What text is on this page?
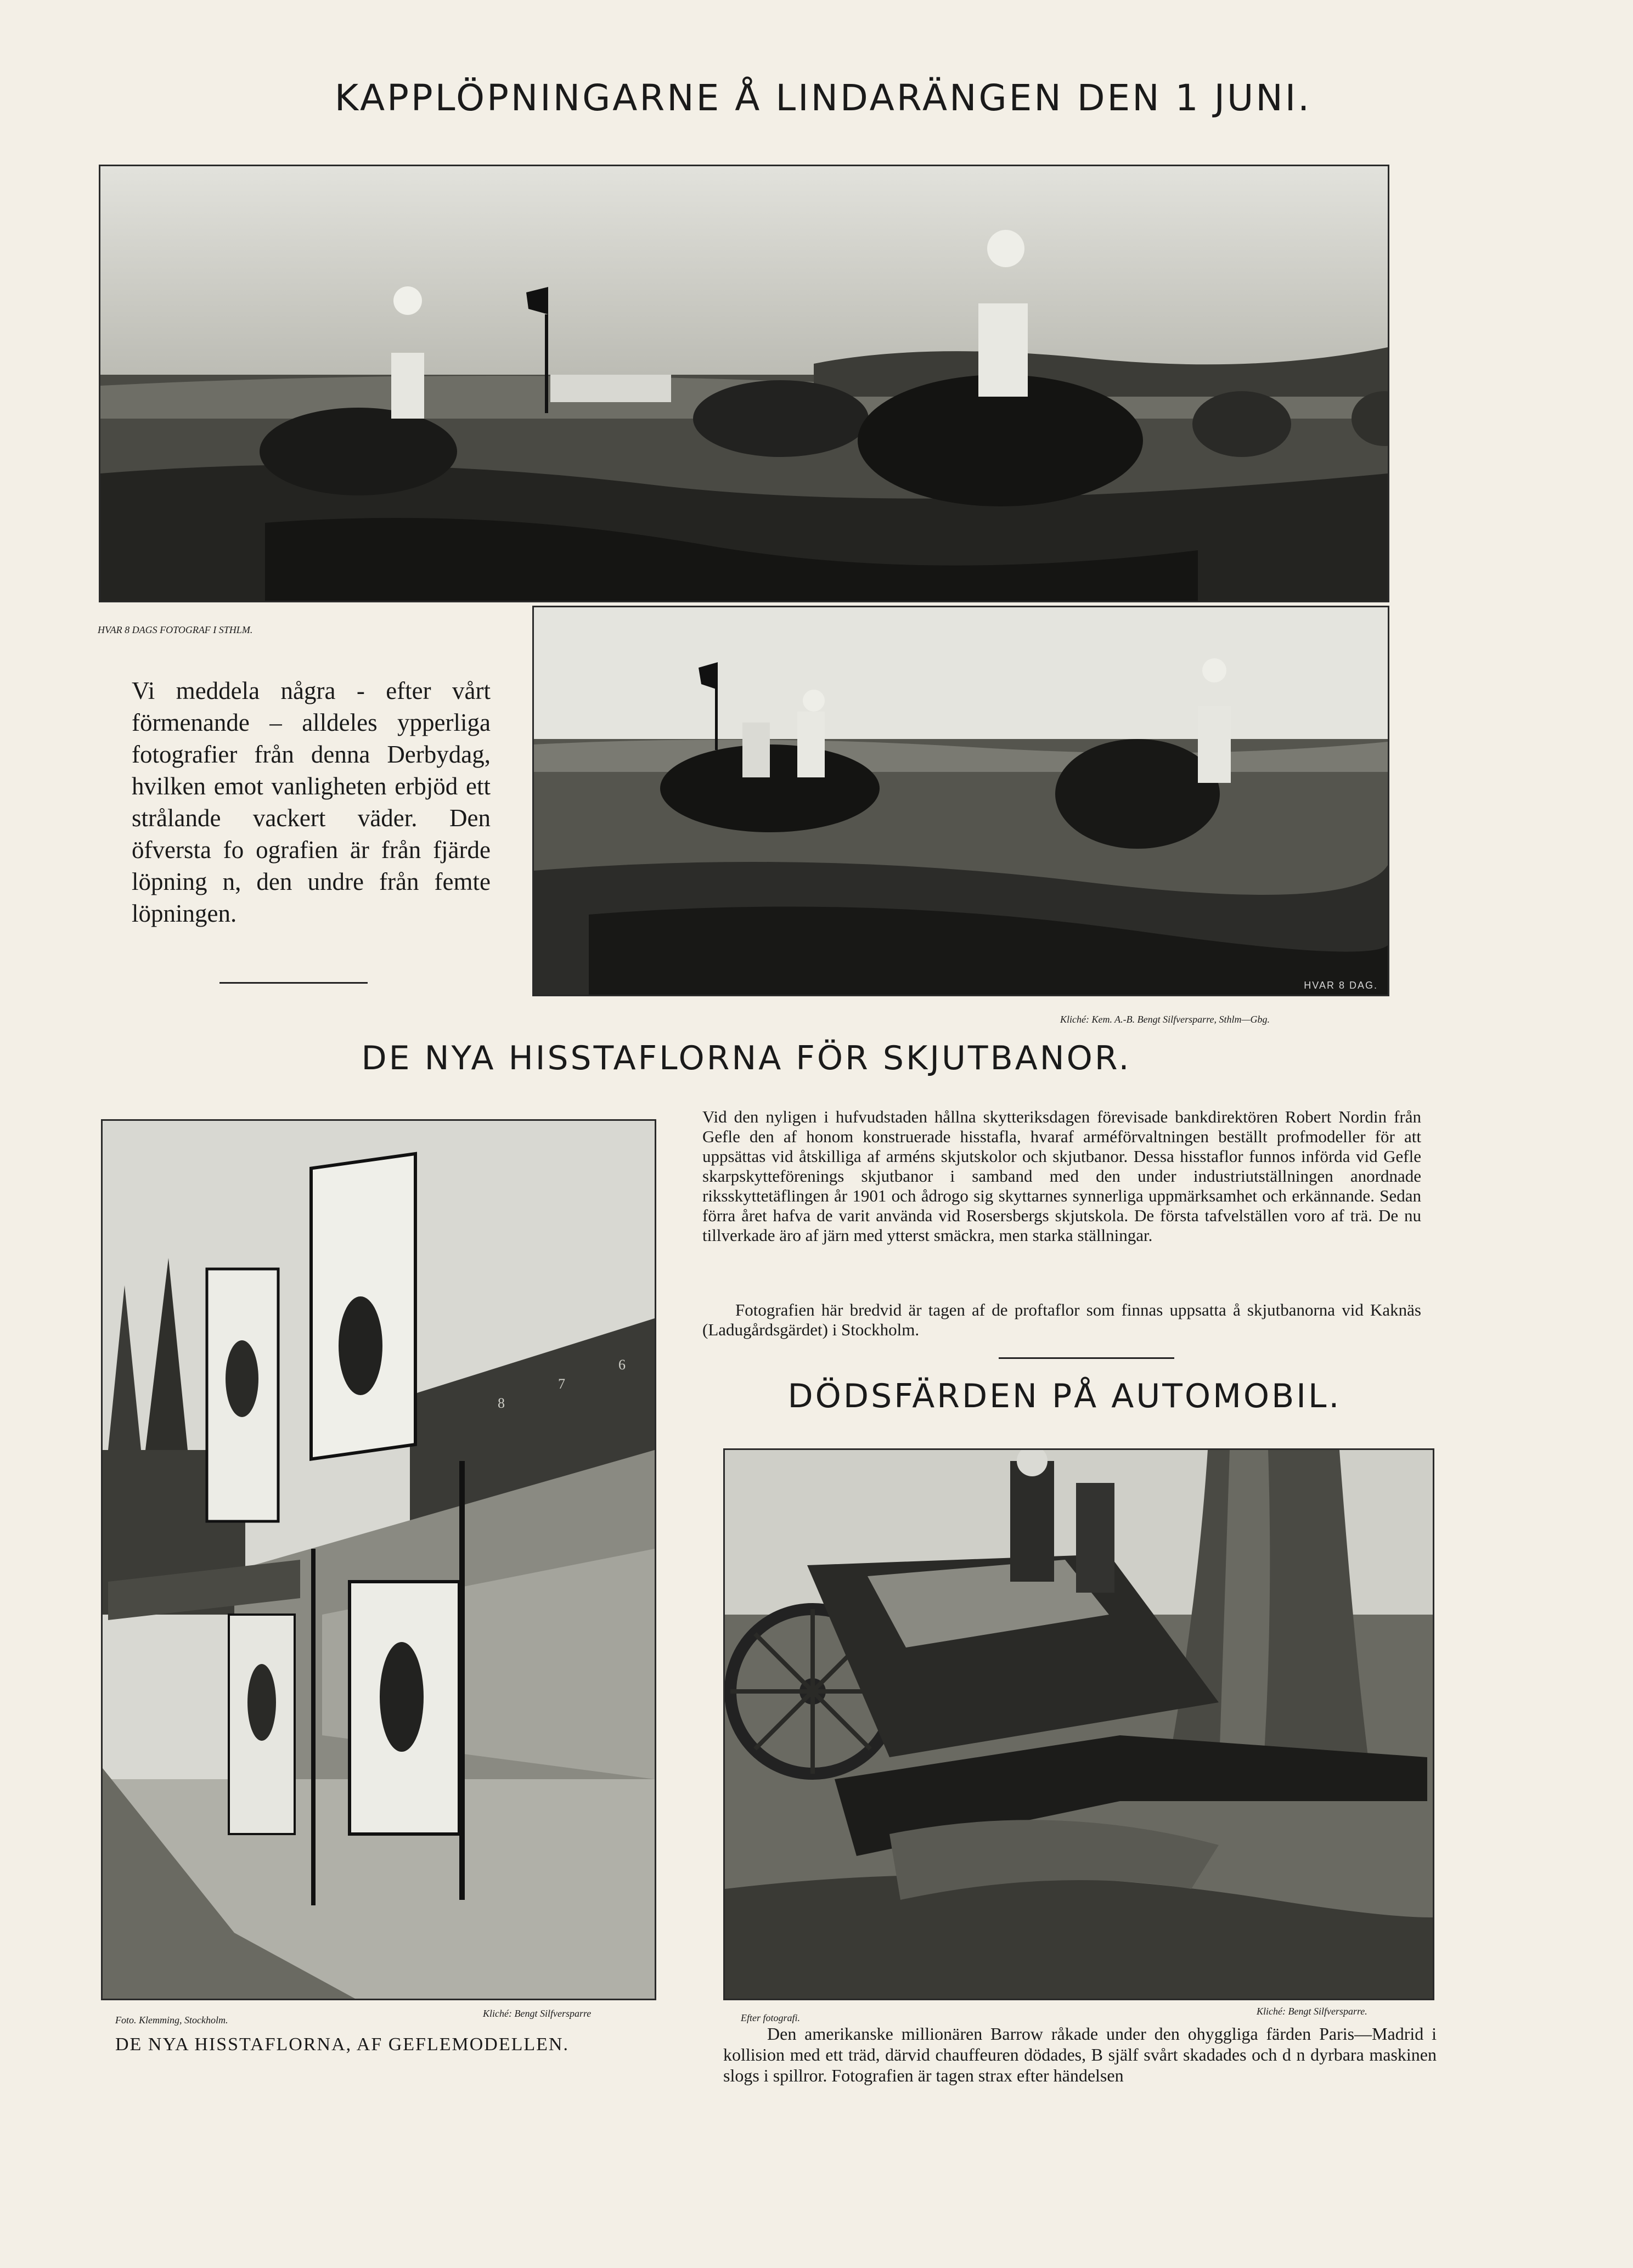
KAPPLÖPNINGARNE Å LINDARÄNGEN DEN 1 JUNI.
HVAR 8 DAGS FOTOGRAF I STHLM.
Vi meddela några - efter vårt förmenande – alldeles ypperliga fotografier från denna Derbydag, hvilken emot vanligheten erbjöd ett strålande vackert väder. Den öfversta fo ografien är från fjärde löpning n, den undre från femte löpningen.
HVAR 8 DAG.
Kliché: Kem. A.-B. Bengt Silfversparre, Sthlm—Gbg.
DE NYA HISSTAFLORNA FÖR SKJUTBANOR.
8
7
6
Foto. Klemming, Stockholm.
Kliché: Bengt Silfversparre
DE NYA HISSTAFLORNA, AF GEFLEMODELLEN.
Vid den nyligen i hufvudstaden hållna skytteriksdagen förevisade bankdirektören Robert Nordin från Gefle den af honom konstruerade hisstafla, hvaraf arméförvaltningen beställt profmodeller för att uppsättas vid åtskilliga af arméns skjutskolor och skjutbanor. Dessa hisstaflor funnos införda vid Gefle skarpskytteförenings skjutbanor i samband med den under industriutställningen anordnade riksskyttetäflingen år 1901 och ådrogo sig skyttarnes synnerliga uppmärksamhet och erkännande. Sedan förra året hafva de varit använda vid Rosersbergs skjutskola. De första tafvelställen voro af trä. De nu tillverkade äro af järn med ytterst smäckra, men starka ställningar.
Fotografien här bredvid är tagen af de proftaflor som finnas uppsatta å skjutbanorna vid Kaknäs (Ladugårdsgärdet) i Stockholm.
DÖDSFÄRDEN PÅ AUTOMOBIL.
Efter fotografi.
Kliché: Bengt Silfversparre.
Den amerikanske millionären Barrow råkade under den ohyggliga färden Paris—Madrid i kollision med ett träd, därvid chauffeuren dödades, B själf svårt skadades och d n dyrbara maskinen slogs i spillror. Fotografien är tagen strax efter händelsen
